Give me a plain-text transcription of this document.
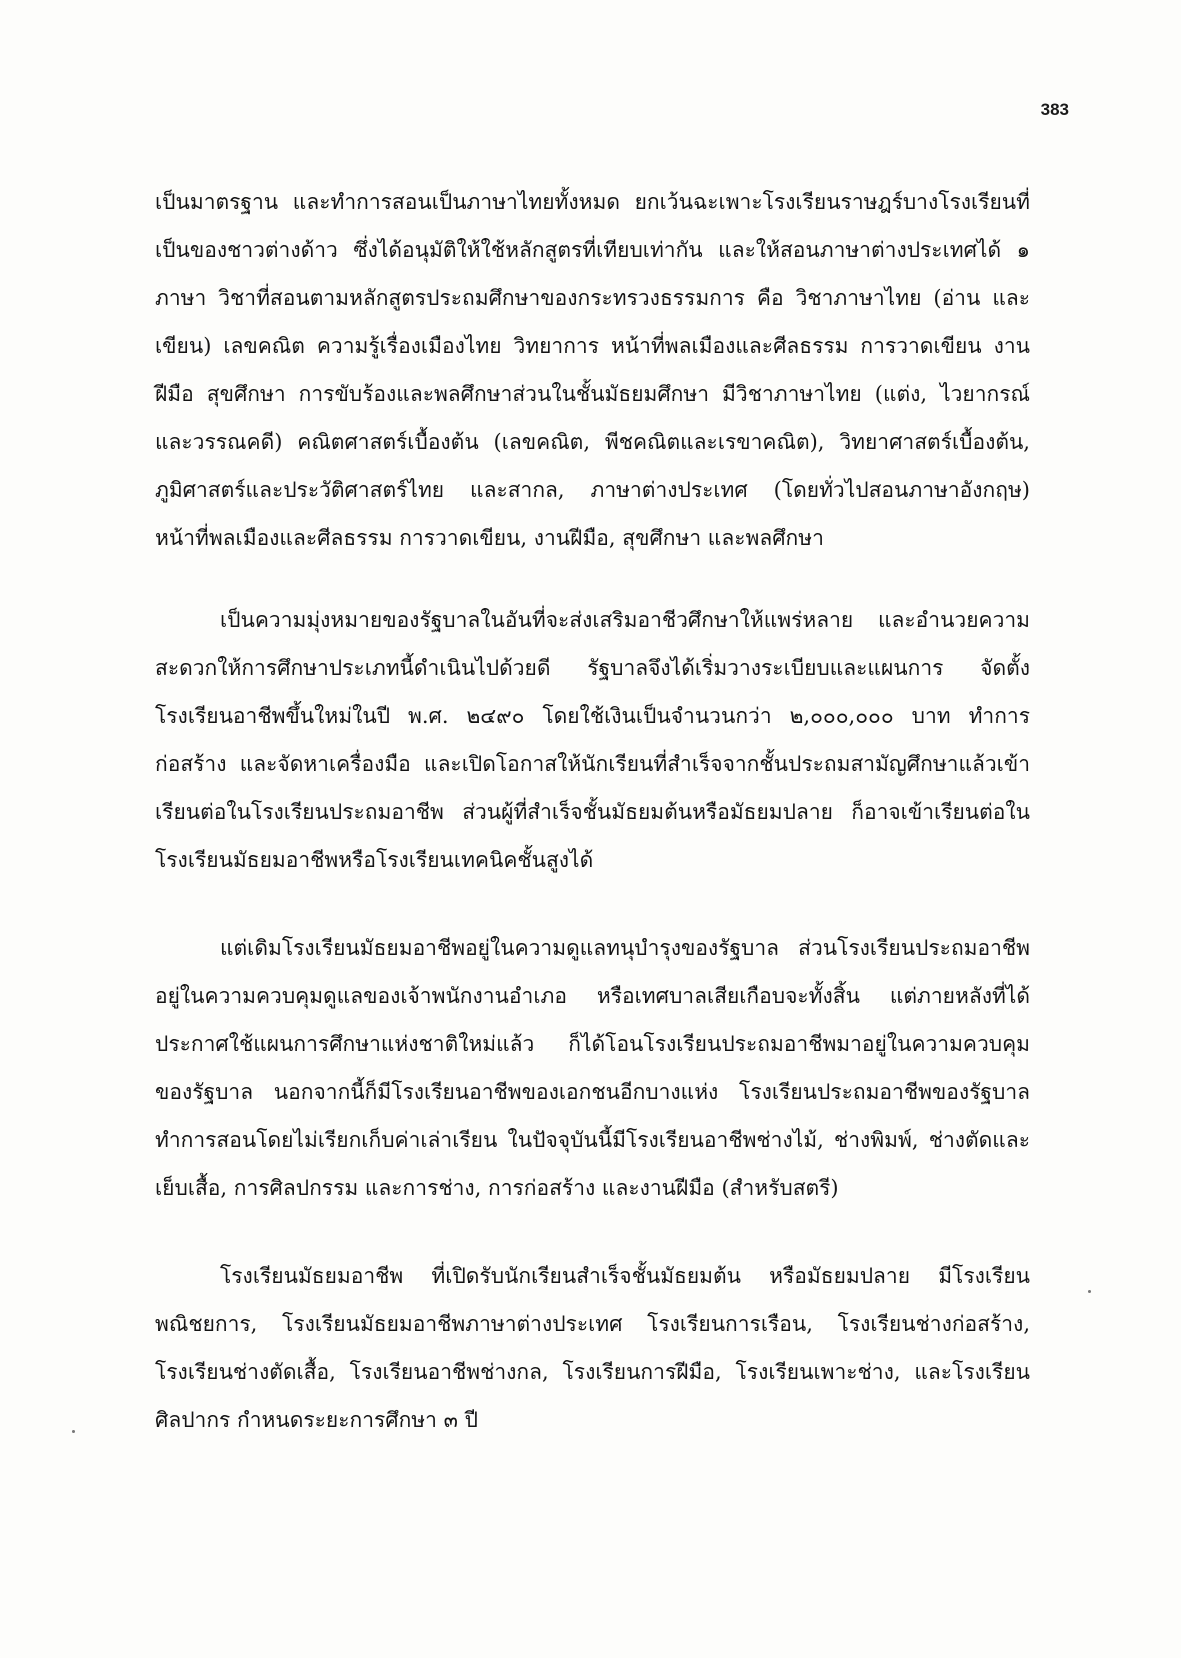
383

เป็นมาตรฐาน และทำการสอนเป็นภาษาไทยทั้งหมด ยกเว้นฉะเพาะโรงเรียนราษฎร์บางโรงเรียนที่เป็นของชาวต่างด้าว ซึ่งได้อนุมัติให้ใช้หลักสูตรที่เทียบเท่ากัน และให้สอนภาษาต่างประเทศได้ ๑ ภาษา วิชาที่สอนตามหลักสูตรประถมศึกษาของกระทรวงธรรมการ คือ วิชาภาษาไทย (อ่าน และเขียน) เลขคณิต ความรู้เรื่องเมืองไทย วิทยาการ หน้าที่พลเมืองและศีลธรรม การวาดเขียน งานฝีมือ สุขศึกษา การขับร้องและพลศึกษาส่วนในชั้นมัธยมศึกษา มีวิชาภาษาไทย (แต่ง, ไวยากรณ์และวรรณคดี) คณิตศาสตร์เบื้องต้น (เลขคณิต, พีชคณิตและเรขาคณิต), วิทยาศาสตร์เบื้องต้น, ภูมิศาสตร์และประวัติศาสตร์ไทย และสากล, ภาษาต่างประเทศ (โดยทั่วไปสอนภาษาอังกฤษ) หน้าที่พลเมืองและศีลธรรม การวาดเขียน, งานฝีมือ, สุขศึกษา และพลศึกษา

เป็นความมุ่งหมายของรัฐบาลในอันที่จะส่งเสริมอาชีวศึกษาให้แพร่หลาย และอำนวยความสะดวกให้การศึกษาประเภทนี้ดำเนินไปด้วยดี รัฐบาลจึงได้เริ่มวางระเบียบและแผนการ จัดตั้งโรงเรียนอาชีพขึ้นใหม่ในปี พ.ศ. ๒๔๙๐ โดยใช้เงินเป็นจำนวนกว่า ๒,๐๐๐,๐๐๐ บาท ทำการก่อสร้าง และจัดหาเครื่องมือ และเปิดโอกาสให้นักเรียนที่สำเร็จจากชั้นประถมสามัญศึกษาแล้วเข้าเรียนต่อในโรงเรียนประถมอาชีพ ส่วนผู้ที่สำเร็จชั้นมัธยมต้นหรือมัธยมปลาย ก็อาจเข้าเรียนต่อในโรงเรียนมัธยมอาชีพหรือโรงเรียนเทคนิคชั้นสูงได้

แต่เดิมโรงเรียนมัธยมอาชีพอยู่ในความดูแลทนุบำรุงของรัฐบาล ส่วนโรงเรียนประถมอาชีพอยู่ในความควบคุมดูแลของเจ้าพนักงานอำเภอ หรือเทศบาลเสียเกือบจะทั้งสิ้น แต่ภายหลังที่ได้ประกาศใช้แผนการศึกษาแห่งชาติใหม่แล้ว ก็ได้โอนโรงเรียนประถมอาชีพมาอยู่ในความควบคุมของรัฐบาล นอกจากนี้ก็มีโรงเรียนอาชีพของเอกชนอีกบางแห่ง โรงเรียนประถมอาชีพของรัฐบาลทำการสอนโดยไม่เรียกเก็บค่าเล่าเรียน ในปัจจุบันนี้มีโรงเรียนอาชีพช่างไม้, ช่างพิมพ์, ช่างตัดและเย็บเสื้อ, การศิลปกรรม และการช่าง, การก่อสร้าง และงานฝีมือ (สำหรับสตรี)

โรงเรียนมัธยมอาชีพ ที่เปิดรับนักเรียนสำเร็จชั้นมัธยมต้น หรือมัธยมปลาย มีโรงเรียนพณิชยการ, โรงเรียนมัธยมอาชีพภาษาต่างประเทศ โรงเรียนการเรือน, โรงเรียนช่างก่อสร้าง, โรงเรียนช่างตัดเสื้อ, โรงเรียนอาชีพช่างกล, โรงเรียนการฝีมือ, โรงเรียนเพาะช่าง, และโรงเรียนศิลปากร กำหนดระยะการศึกษา ๓ ปี
